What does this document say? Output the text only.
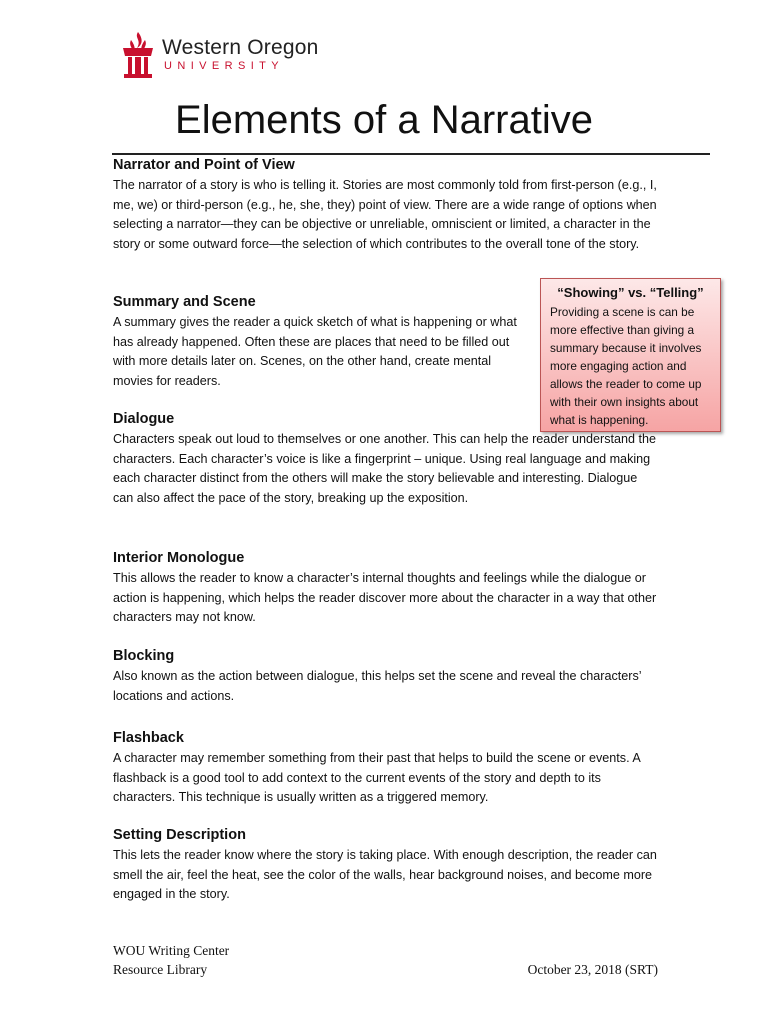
Western Oregon
UNIVERSITY
Elements of a Narrative
Narrator and Point of View

The narrator of a story is who is telling it. Stories are most commonly told from first-person (e.g., I, me, we) or third-person (e.g., he, she, they) point of view. There are a wide range of options when selecting a narrator—they can be objective or unreliable, omniscient or limited, a character in the story or some outward force—the selection of which contributes to the overall tone of the story.

Summary and Scene

A summary gives the reader a quick sketch of what is happening or what has already happened. Often these are places that need to be filled out with more details later on. Scenes, on the other hand, create mental movies for readers.

Dialogue

Characters speak out loud to themselves or one another. This can help the reader understand the characters. Each character’s voice is like a fingerprint – unique. Using real language and making each character distinct from the others will make the story believable and interesting. Dialogue can also affect the pace of the story, breaking up the exposition.

Interior Monologue

This allows the reader to know a character’s internal thoughts and feelings while the dialogue or action is happening, which helps the reader discover more about the character in a way that other characters may not know.

Blocking

Also known as the action between dialogue, this helps set the scene and reveal the characters’ locations and actions.

Flashback

A character may remember something from their past that helps to build the scene or events. A flashback is a good tool to add context to the current events of the story and depth to its characters. This technique is usually written as a triggered memory.

Setting Description

This lets the reader know where the story is taking place. With enough description, the reader can smell the air, feel the heat, see the color of the walls, hear background noises, and become more engaged in the story.

“Showing” vs. “Telling”
Providing a scene is can be more effective than giving a summary because it involves more engaging action and allows the reader to come up with their own insights about what is happening.
WOU Writing Center
Resource Library	October 23, 2018 (SRT)
